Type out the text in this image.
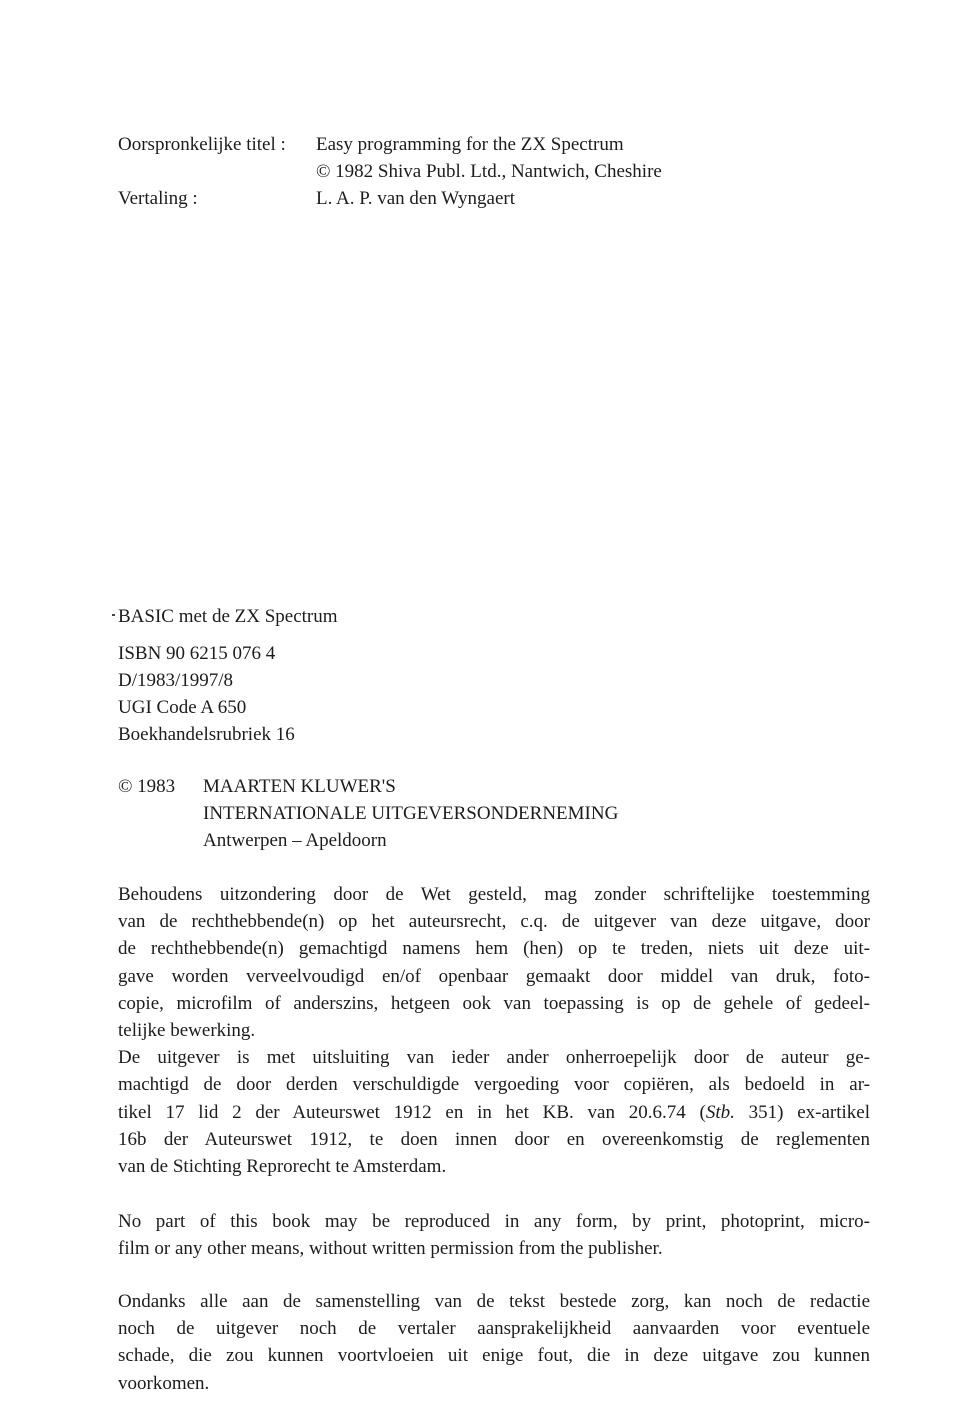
Oorspronkelijke titel :	Easy programming for the ZX Spectrum
© 1982 Shiva Publ. Ltd., Nantwich, Cheshire
Vertaling :	L. A. P. van den Wyngaert
BASIC met de ZX Spectrum
ISBN 90 6215 076 4
D/1983/1997/8
UGI Code A 650
Boekhandelsrubriek 16
© 1983	MAARTEN KLUWER'S
INTERNATIONALE UITGEVERSONDERNEMING
Antwerpen – Apeldoorn
Behoudens uitzondering door de Wet gesteld, mag zonder schriftelijke toestemming
van de rechthebbende(n) op het auteursrecht, c.q. de uitgever van deze uitgave, door
de rechthebbende(n) gemachtigd namens hem (hen) op te treden, niets uit deze uit-
gave worden verveelvoudigd en/of openbaar gemaakt door middel van druk, foto-
copie, microfilm of anderszins, hetgeen ook van toepassing is op de gehele of gedeel-
telijke bewerking.
De uitgever is met uitsluiting van ieder ander onherroepelijk door de auteur ge-
machtigd de door derden verschuldigde vergoeding voor copiëren, als bedoeld in ar-
tikel 17 lid 2 der Auteurswet 1912 en in het KB. van 20.6.74 (Stb. 351) ex-artikel
16b der Auteurswet 1912, te doen innen door en overeenkomstig de reglementen
van de Stichting Reprorecht te Amsterdam.
No part of this book may be reproduced in any form, by print, photoprint, micro-
film or any other means, without written permission from the publisher.
Ondanks alle aan de samenstelling van de tekst bestede zorg, kan noch de redactie
noch de uitgever noch de vertaler aansprakelijkheid aanvaarden voor eventuele
schade, die zou kunnen voortvloeien uit enige fout, die in deze uitgave zou kunnen
voorkomen.
